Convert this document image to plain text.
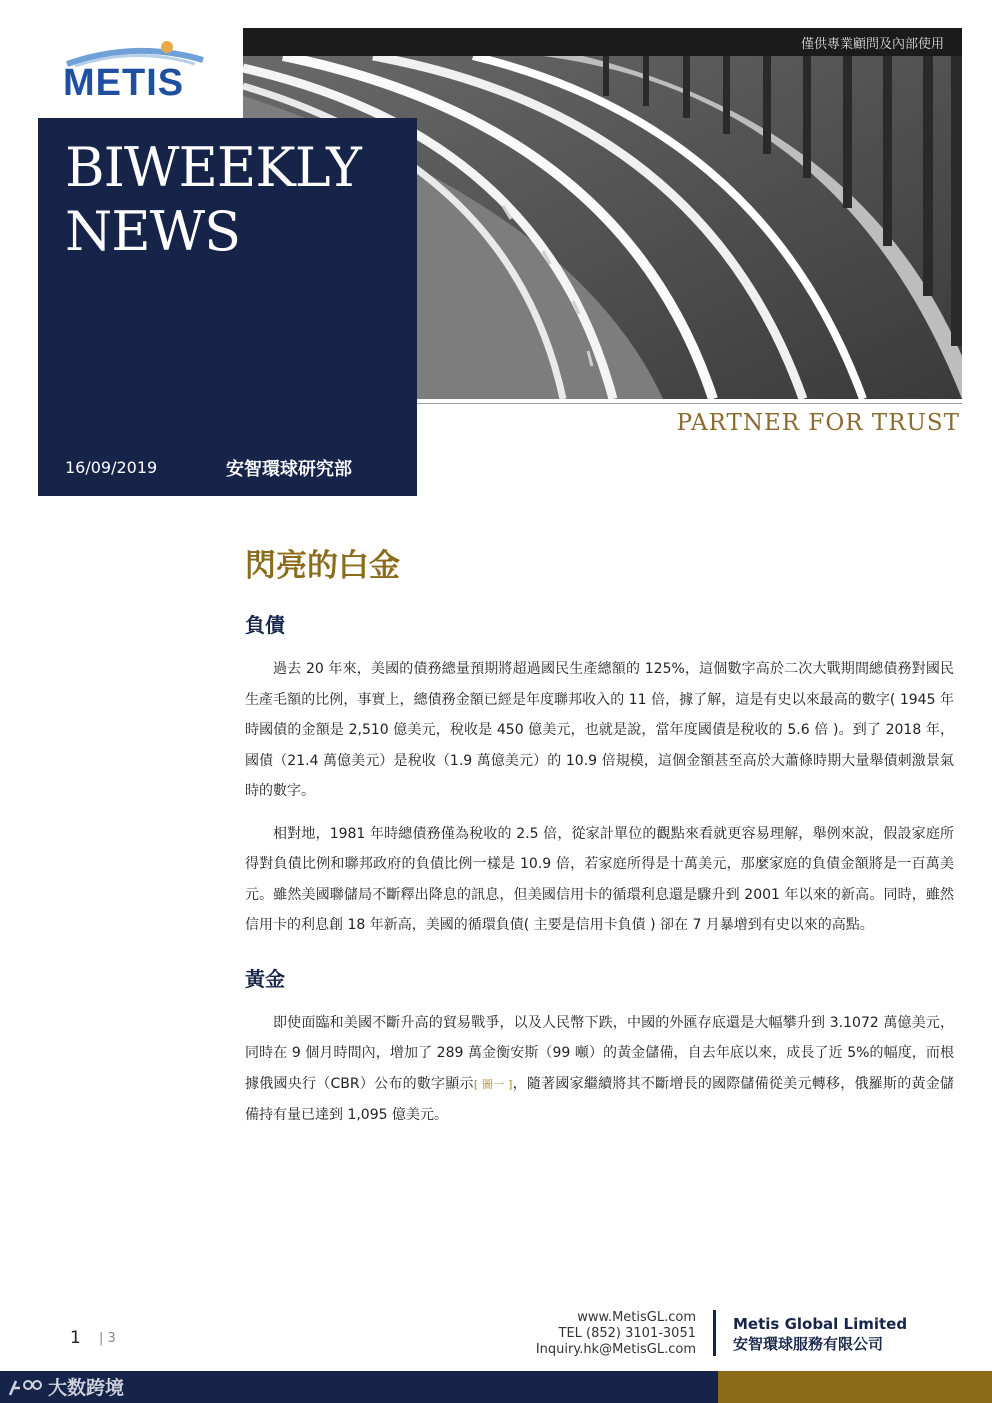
METIS
僅供專業顧問及內部使用
PARTNER FOR TRUST
BIWEEKLY
NEWS
16/09/2019	安智環球研究部
閃亮的白金
負債

過去 20 年來，美國的債務總量預期將超過國民生產總額的 125%，這個數字高於二次大戰期間總債務對國民生產毛額的比例，事實上，總債務金額已經是年度聯邦收入的 11 倍，據了解，這是有史以來最高的數字( 1945 年時國債的金額是 2,510 億美元，稅收是 450 億美元，也就是說，當年度國債是稅收的 5.6 倍 )。到了 2018 年，國債（21.4 萬億美元）是稅收（1.9 萬億美元）的 10.9 倍規模，這個金額甚至高於大蕭條時期大量舉債刺激景氣時的數字。

相對地，1981 年時總債務僅為稅收的 2.5 倍，從家計單位的觀點來看就更容易理解，舉例來說，假設家庭所得對負債比例和聯邦政府的負債比例一樣是 10.9 倍，若家庭所得是十萬美元，那麼家庭的負債金額將是一百萬美元。雖然美國聯儲局不斷釋出降息的訊息，但美國信用卡的循環利息還是驟升到 2001 年以來的新高。同時，雖然信用卡的利息創 18 年新高，美國的循環負債( 主要是信用卡負債 ) 卻在 7 月暴增到有史以來的高點。

黃金

即使面臨和美國不斷升高的貿易戰爭，以及人民幣下跌，中國的外匯存底還是大幅攀升到 3.1072 萬億美元，同時在 9 個月時間內，增加了 289 萬金衡安斯（99 噸）的黃金儲備，自去年底以來，成長了近 5%的幅度，而根據俄國央行（CBR）公布的數字顯示[ 圖一 ]，隨著國家繼續將其不斷增長的國際儲備從美元轉移，俄羅斯的黃金儲備持有量已達到 1,095 億美元。

1 | 3
www.MetisGL.com
TEL (852) 3101-3051
Inquiry.hk@MetisGL.com
Metis Global Limited
安智環球服務有限公司
大数跨境
